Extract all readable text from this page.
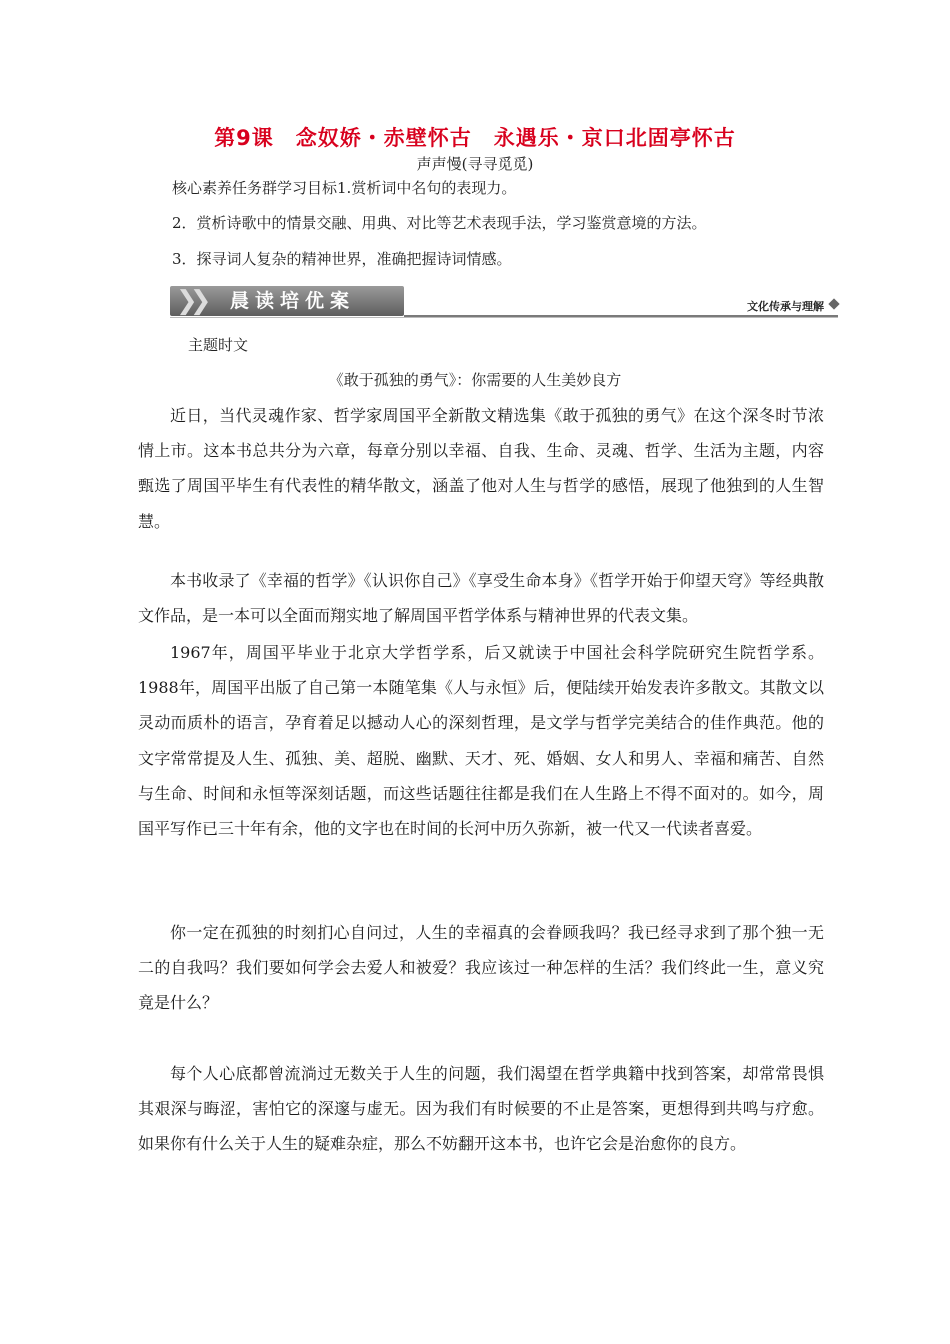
第9课　念奴娇・赤壁怀古　永遇乐・京口北固亭怀古
声声慢(寻寻觅觅)
核心素养任务群学习目标1.赏析词中名句的表现力。
2．赏析诗歌中的情景交融、用典、对比等艺术表现手法，学习鉴赏意境的方法。
3．探寻词人复杂的精神世界，准确把握诗词情感。
❯❯ 晨读培优案	文化传承与理解
主题时文
《敢于孤独的勇气》：你需要的人生美妙良方

近日，当代灵魂作家、哲学家周国平全新散文精选集《敢于孤独的勇气》在这个深冬时节浓情上市。这本书总共分为六章，每章分别以幸福、自我、生命、灵魂、哲学、生活为主题，内容甄选了周国平毕生有代表性的精华散文，涵盖了他对人生与哲学的感悟，展现了他独到的人生智慧。

本书收录了《幸福的哲学》《认识你自己》《享受生命本身》《哲学开始于仰望天穹》等经典散文作品，是一本可以全面而翔实地了解周国平哲学体系与精神世界的代表文集。

1967年，周国平毕业于北京大学哲学系，后又就读于中国社会科学院研究生院哲学系。1988年，周国平出版了自己第一本随笔集《人与永恒》后，便陆续开始发表许多散文。其散文以灵动而质朴的语言，孕育着足以撼动人心的深刻哲理，是文学与哲学完美结合的佳作典范。他的文字常常提及人生、孤独、美、超脱、幽默、天才、死、婚姻、女人和男人、幸福和痛苦、自然与生命、时间和永恒等深刻话题，而这些话题往往都是我们在人生路上不得不面对的。如今，周国平写作已三十年有余，他的文字也在时间的长河中历久弥新，被一代又一代读者喜爱。

你一定在孤独的时刻扪心自问过，人生的幸福真的会眷顾我吗？我已经寻求到了那个独一无二的自我吗？我们要如何学会去爱人和被爱？我应该过一种怎样的生活？我们终此一生，意义究竟是什么？

每个人心底都曾流淌过无数关于人生的问题，我们渴望在哲学典籍中找到答案，却常常畏惧其艰深与晦涩，害怕它的深邃与虚无。因为我们有时候要的不止是答案，更想得到共鸣与疗愈。如果你有什么关于人生的疑难杂症，那么不妨翻开这本书，也许它会是治愈你的良方。
